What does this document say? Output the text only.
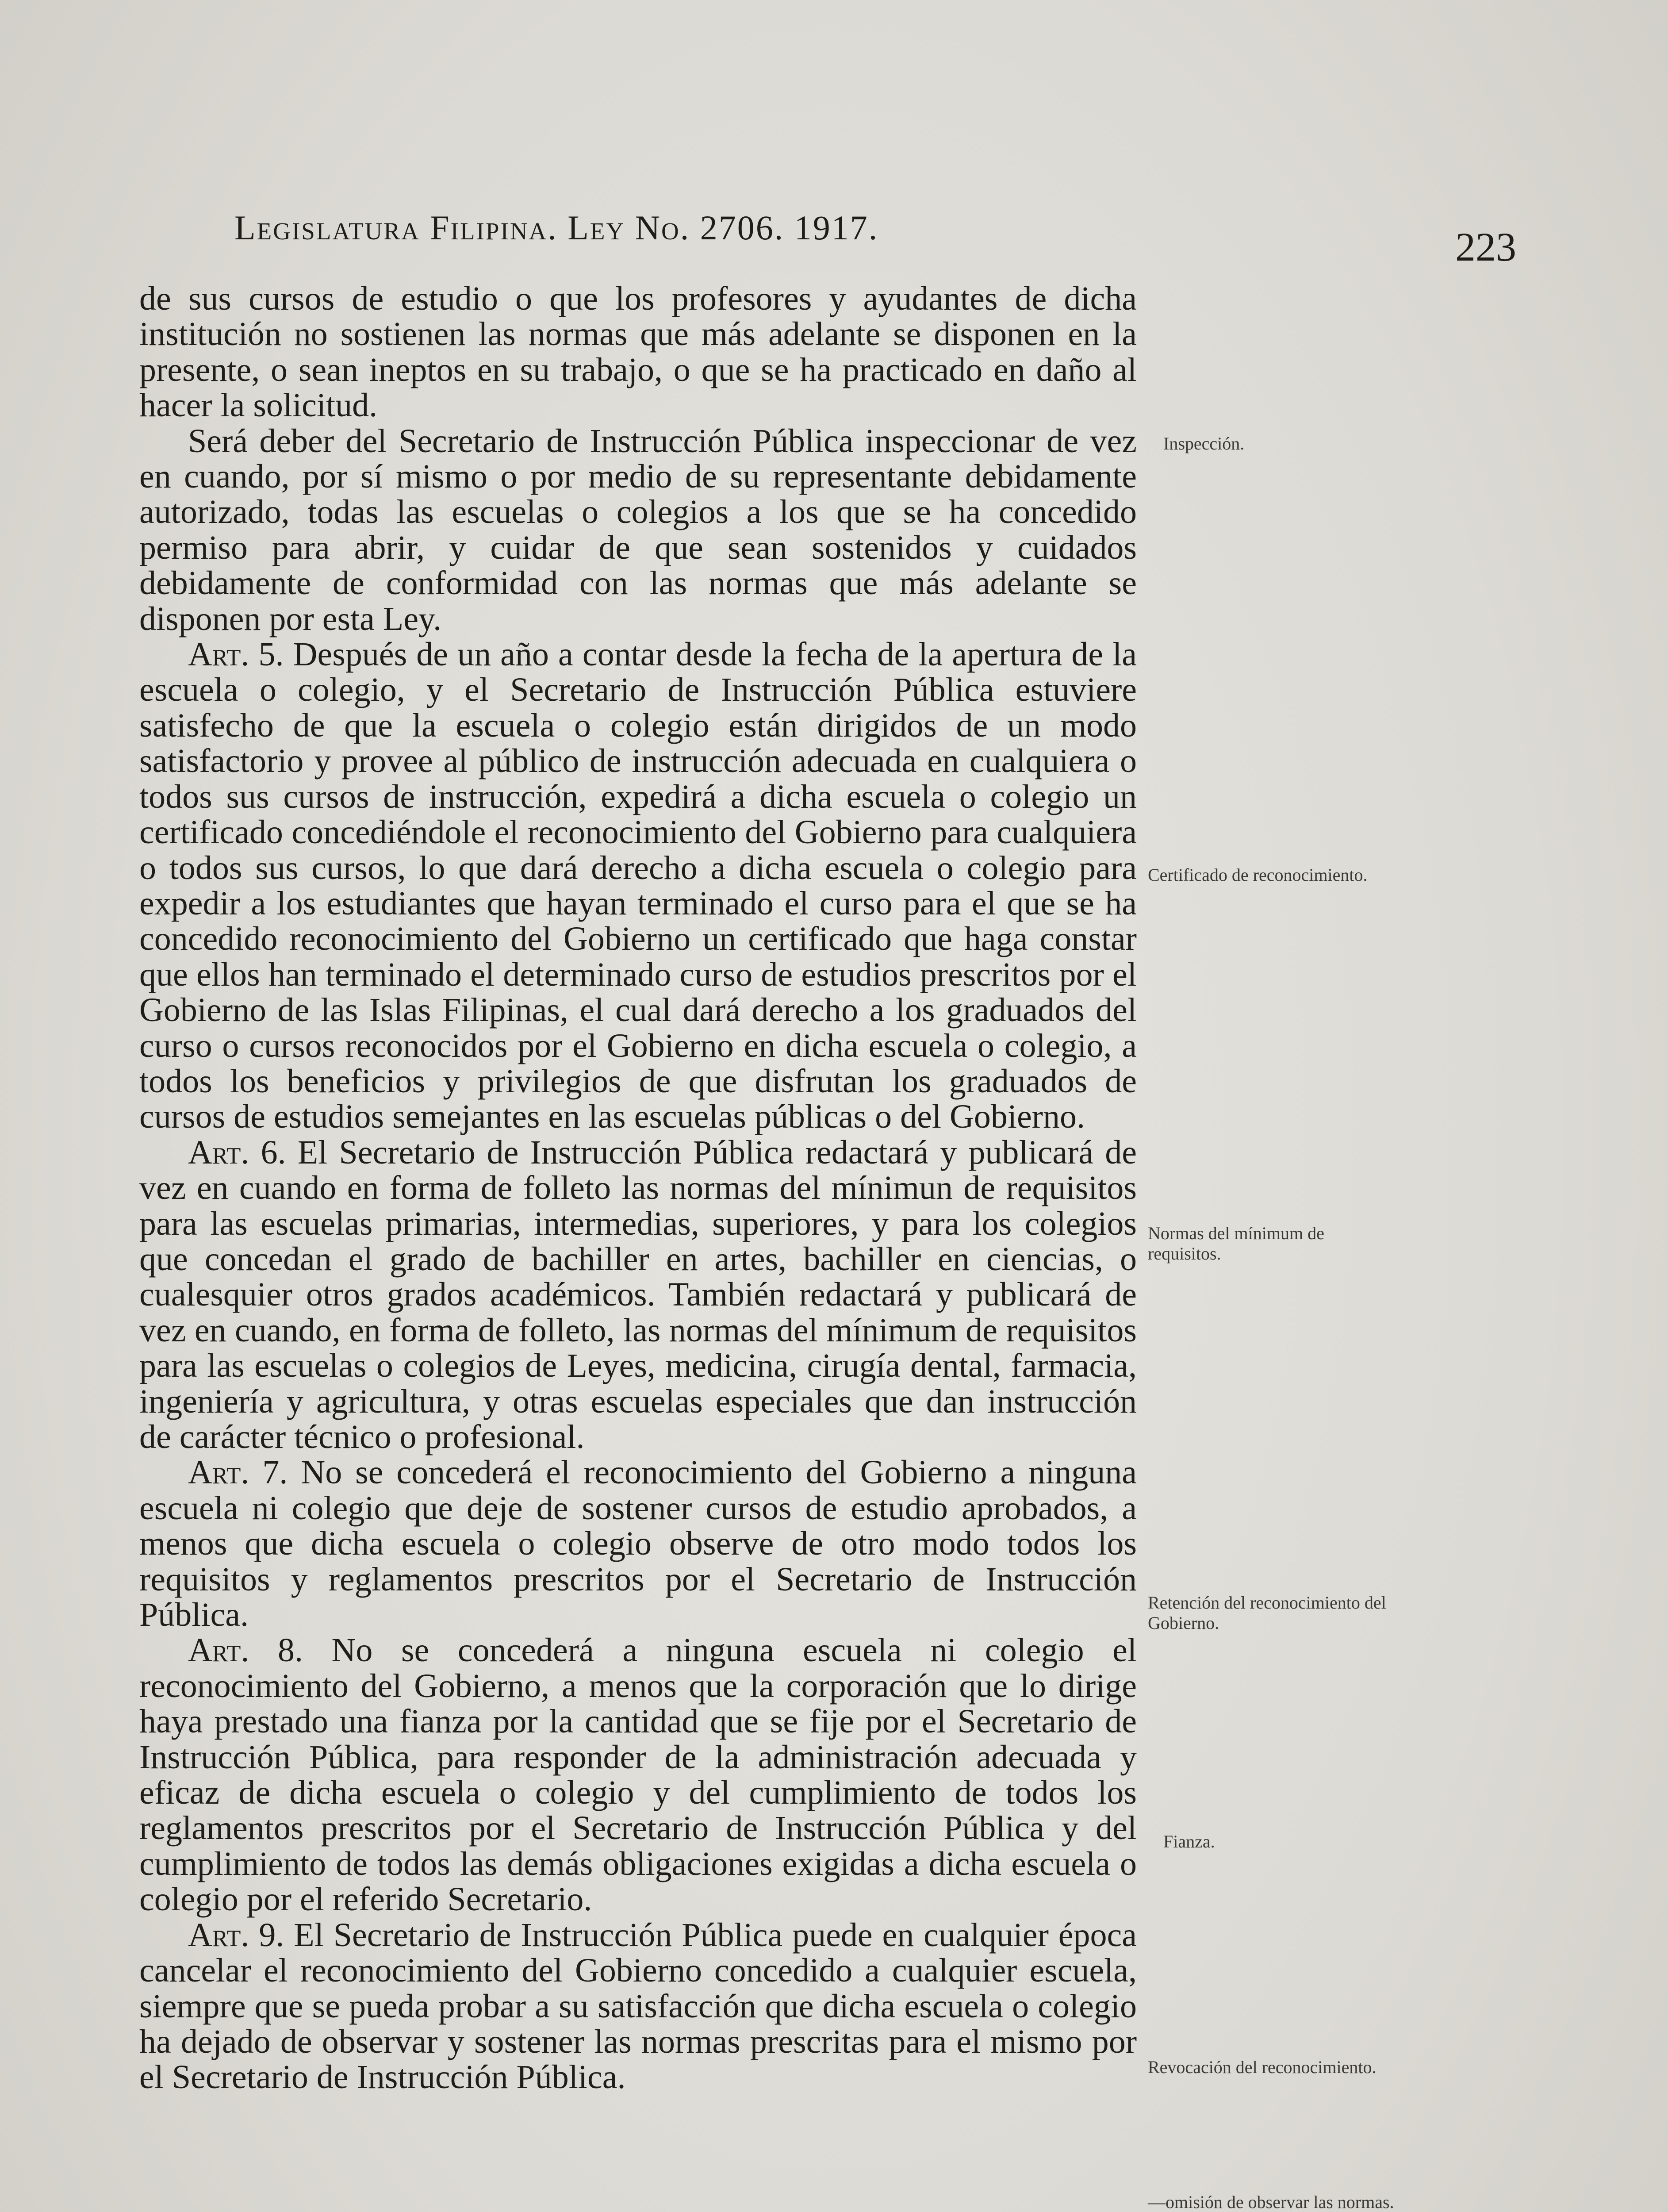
Legislatura Filipina. Ley No. 2706. 1917.	223

de sus cursos de estudio o que los profesores y ayudantes de dicha institución no sostienen las normas que más adelante se disponen en la presente, o sean ineptos en su trabajo, o que se ha practicado en daño al hacer la solicitud.

Será deber del Secretario de Instrucción Pública inspeccionar de vez en cuando, por sí mismo o por medio de su representante debidamente autorizado, todas las escuelas o colegios a los que se ha concedido permiso para abrir, y cuidar de que sean sostenidos y cuidados debidamente de conformidad con las normas que más adelante se disponen por esta Ley.

Art. 5. Después de un año a contar desde la fecha de la apertura de la escuela o colegio, y el Secretario de Instrucción Pública estuviere satisfecho de que la escuela o colegio están dirigidos de un modo satisfactorio y provee al público de instrucción adecuada en cualquiera o todos sus cursos de instrucción, expedirá a dicha escuela o colegio un certificado concediéndole el reconocimiento del Gobierno para cualquiera o todos sus cursos, lo que dará derecho a dicha escuela o colegio para expedir a los estudiantes que hayan terminado el curso para el que se ha concedido reconocimiento del Gobierno un certificado que haga constar que ellos han terminado el determinado curso de estudios prescritos por el Gobierno de las Islas Filipinas, el cual dará derecho a los graduados del curso o cursos reconocidos por el Gobierno en dicha escuela o colegio, a todos los beneficios y privilegios de que disfrutan los graduados de cursos de estudios semejantes en las escuelas públicas o del Gobierno.

Art. 6. El Secretario de Instrucción Pública redactará y publicará de vez en cuando en forma de folleto las normas del mínimun de requisitos para las escuelas primarias, intermedias, superiores, y para los colegios que concedan el grado de bachiller en artes, bachiller en ciencias, o cualesquier otros grados académicos. También redactará y publicará de vez en cuando, en forma de folleto, las normas del mínimum de requisitos para las escuelas o colegios de Leyes, medicina, cirugía dental, farmacia, ingeniería y agricultura, y otras escuelas especiales que dan instrucción de carácter técnico o profesional.

Art. 7. No se concederá el reconocimiento del Gobierno a ninguna escuela ni colegio que deje de sostener cursos de estudio aprobados, a menos que dicha escuela o colegio observe de otro modo todos los requisitos y reglamentos prescritos por el Secretario de Instrucción Pública.

Art. 8. No se concederá a ninguna escuela ni colegio el reconocimiento del Gobierno, a menos que la corporación que lo dirige haya prestado una fianza por la cantidad que se fije por el Secretario de Instrucción Pública, para responder de la administración adecuada y eficaz de dicha escuela o colegio y del cumplimiento de todos los reglamentos prescritos por el Secretario de Instrucción Pública y del cumplimiento de todos las demás obligaciones exigidas a dicha escuela o colegio por el referido Secretario.

Art. 9. El Secretario de Instrucción Pública puede en cualquier época cancelar el reconocimiento del Gobierno concedido a cualquier escuela, siempre que se pueda probar a su satisfacción que dicha escuela o colegio ha dejado de observar y sostener las normas prescritas para el mismo por el Secretario de Instrucción Pública.

Inspección.
Certificado de reconocimiento.
Normas del mínimum de requisitos.
Retención del reconocimiento del Gobierno.
Fianza.
Revocación del reconocimiento.
—omisión de observar las normas.
